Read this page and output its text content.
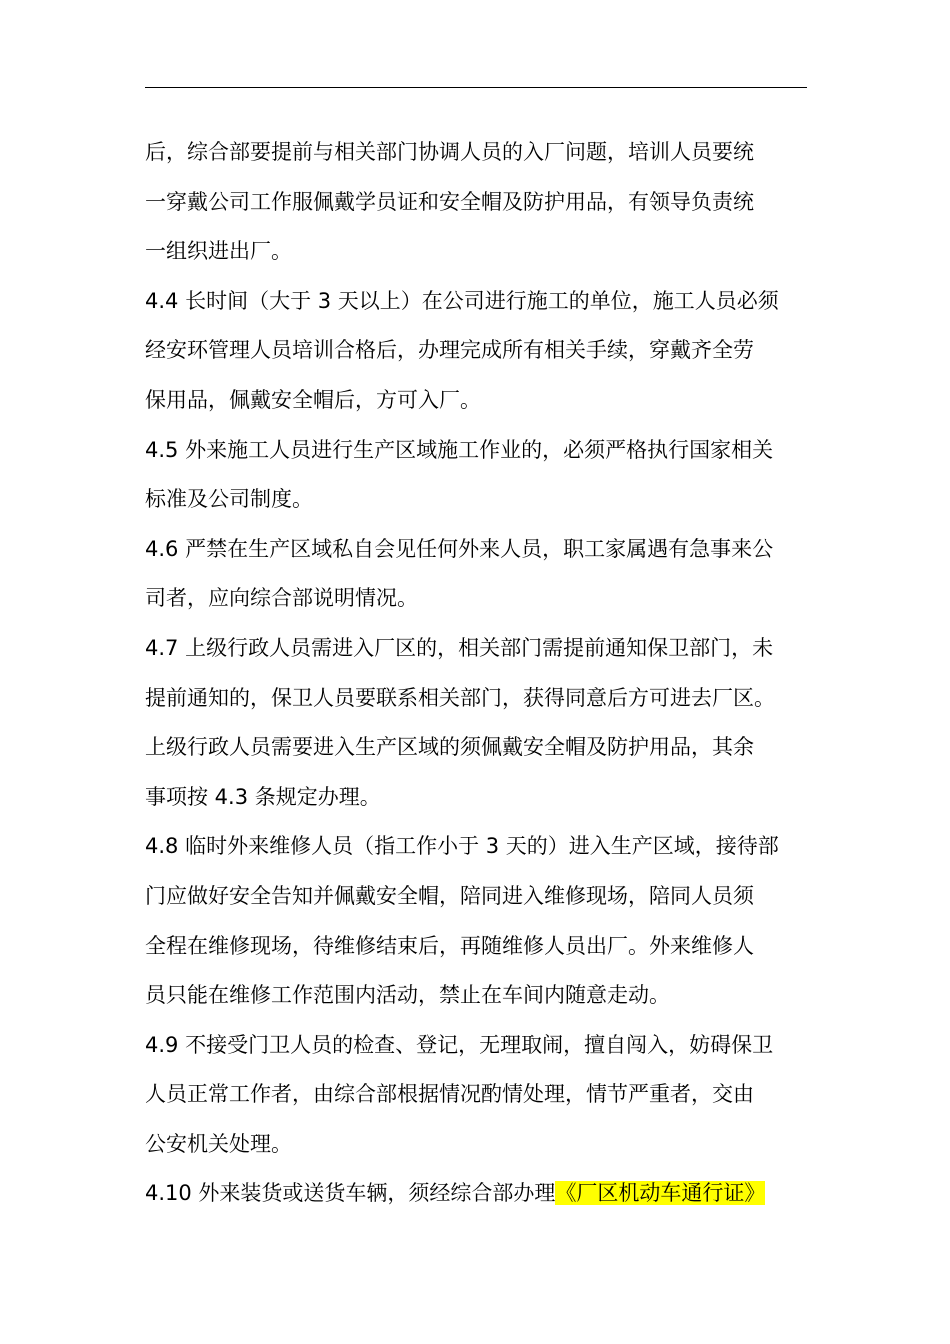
后，综合部要提前与相关部门协调人员的入厂问题，培训人员要统

一穿戴公司工作服佩戴学员证和安全帽及防护用品，有领导负责统

一组织进出厂。

4.4 长时间（大于 3 天以上）在公司进行施工的单位，施工人员必须

经安环管理人员培训合格后，办理完成所有相关手续，穿戴齐全劳

保用品，佩戴安全帽后，方可入厂。

4.5 外来施工人员进行生产区域施工作业的，必须严格执行国家相关

标准及公司制度。

4.6 严禁在生产区域私自会见任何外来人员，职工家属遇有急事来公

司者，应向综合部说明情况。

4.7 上级行政人员需进入厂区的，相关部门需提前通知保卫部门，未

提前通知的，保卫人员要联系相关部门，获得同意后方可进去厂区。

上级行政人员需要进入生产区域的须佩戴安全帽及防护用品，其余

事项按 4.3 条规定办理。

4.8 临时外来维修人员（指工作小于 3 天的）进入生产区域，接待部

门应做好安全告知并佩戴安全帽，陪同进入维修现场，陪同人员须

全程在维修现场，待维修结束后，再随维修人员出厂。外来维修人

员只能在维修工作范围内活动，禁止在车间内随意走动。

4.9 不接受门卫人员的检查、登记，无理取闹，擅自闯入，妨碍保卫

人员正常工作者，由综合部根据情况酌情处理，情节严重者，交由

公安机关处理。

4.10 外来装货或送货车辆，须经综合部办理《厂区机动车通行证》
